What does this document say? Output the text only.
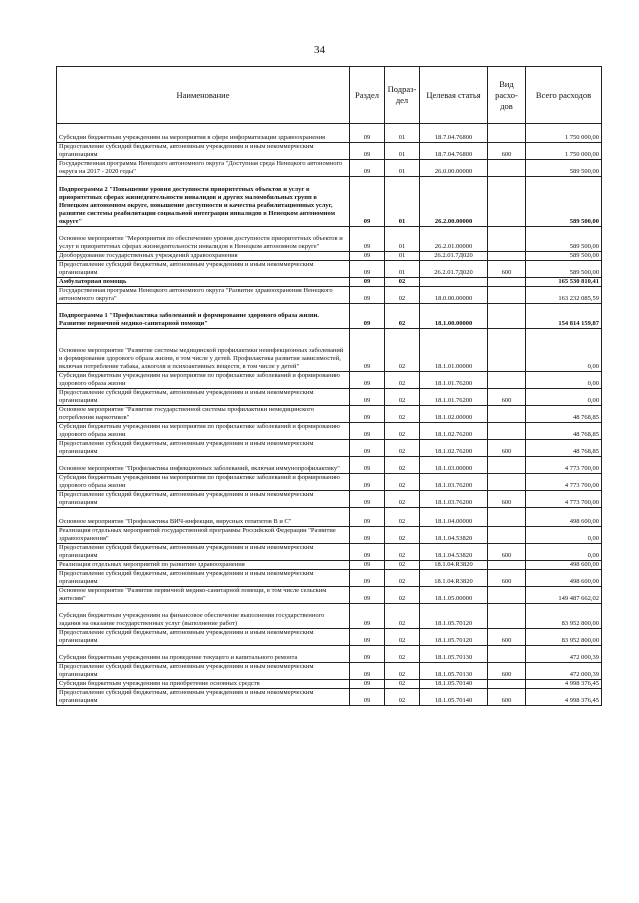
34
Наименование	Раздел	Подраз-дел	Целевая статья	Вид расхо-дов	Всего расходов
Субсидии бюджетным учреждениям на мероприятия в сфере информатизации здравоохранения	09	01	18.7.04.76800		1 750 000,00
Предоставление субсидий бюджетным, автономным учреждениям и иным некоммерческим организациям	09	01	18.7.04.76800	600	1 750 000,00
Государственная программа Ненецкого автономного округа "Доступная среда Ненецкого автономного округа на 2017 - 2020 годы"	09	01	26.0.00.00000		589 500,00
Подпрограмма 2 "Повышение уровня доступности приоритетных объектов и услуг в приоритетных сферах жизнедеятельности инвалидов и других маломобильных групп в Ненецком автономном округе, повышение доступности и качества реабилитационных услуг, развитие системы реабилитации социальной интеграции инвалидов в Ненецком автономном округе"	09	01	26.2.00.00000		589 500,00
Основное мероприятие "Мероприятия по обеспечению уровня доступности приоритетных объектов и услуг в приоритетных сферах жизнедеятельности инвалидов в Ненецком автономном округе"	09	01	26.2.01.00000		589 500,00
Дооборудование государственных учреждений здравоохранения	09	01	26.2.01.7Д020		589 500,00
Предоставление субсидий бюджетным, автономным учреждениям и иным некоммерческим организациям	09	01	26.2.01.7Д020	600	589 500,00
Амбулаторная помощь	09	02			165 530 810,41
Государственная программа Ненецкого автономного округа "Развитие здравоохранения Ненецкого автономного округа"	09	02	18.0.00.00000		163 232 085,59
Подпрограмма 1 "Профилактика заболеваний и формирование здорового образа жизни. Развитие первичной медико-санитарной помощи"	09	02	18.1.00.00000		154 814 159,87
Основное мероприятие "Развитие системы медицинской профилактики неинфекционных заболеваний и формирования здорового образа жизни, в том числе у детей. Профилактика развития зависимостей, включая потребление табака, алкоголя и психоактивных веществ, в том числе у детей"	09	02	18.1.01.00000		0,00
Субсидии бюджетным учреждениям на мероприятия по профилактике заболеваний и формированию здорового образа жизни	09	02	18.1.01.76200		0,00
Предоставление субсидий бюджетным, автономным учреждениям и иным некоммерческим организациям	09	02	18.1.01.76200	600	0,00
Основное мероприятие "Развитие государственной системы профилактики немедицинского потребления наркотиков"	09	02	18.1.02.00000		48 768,85
Субсидии бюджетным учреждениям на мероприятия по профилактике заболеваний и формированию здорового образа жизни	09	02	18.1.02.76200		48 768,85
Предоставление субсидий бюджетным, автономным учреждениям и иным некоммерческим организациям	09	02	18.1.02.76200	600	48 768,85
Основное мероприятие "Профилактика инфекционных заболеваний, включая иммунопрофилактику"	09	02	18.1.03.00000		4 773 700,00
Субсидии бюджетным учреждениям на мероприятия по профилактике заболеваний и формированию здорового образа жизни	09	02	18.1.03.76200		4 773 700,00
Предоставление субсидий бюджетным, автономным учреждениям и иным некоммерческим организациям	09	02	18.1.03.76200	600	4 773 700,00
Основное мероприятие "Профилактика ВИЧ-инфекции, вирусных гепатитов B и C"	09	02	18.1.04.00000		498 600,00
Реализация отдельных мероприятий государственной программы Российской Федерации "Развитие здравоохранения"	09	02	18.1.04.53820		0,00
Предоставление субсидий бюджетным, автономным учреждениям и иным некоммерческим организациям	09	02	18.1.04.53820	600	0,00
Реализация отдельных мероприятий по развитию здравоохранения	09	02	18.1.04.R3820		498 600,00
Предоставление субсидий бюджетным, автономным учреждениям и иным некоммерческим организациям	09	02	18.1.04.R3820	600	498 600,00
Основное мероприятие "Развитие первичной медико-санитарной помощи, в том числе сельским жителям"	09	02	18.1.05.00000		149 487 662,02
Субсидии бюджетным учреждениям на финансовое обеспечение выполнения государственного задания на оказание государственных услуг (выполнение работ)	09	02	18.1.05.70120		83 952 800,00
Предоставление субсидий бюджетным, автономным учреждениям и иным некоммерческим организациям	09	02	18.1.05.70120	600	83 952 800,00
Субсидии бюджетным учреждениям на проведение текущего и капитального ремонта	09	02	18.1.05.70130		472 000,39
Предоставление субсидий бюджетным, автономным учреждениям и иным некоммерческим организациям	09	02	18.1.05.70130	600	472 000,39
Субсидии бюджетным учреждениям на приобретение основных средств	09	02	18.1.05.70140		4 998 376,45
Предоставление субсидий бюджетным, автономным учреждениям и иным некоммерческим организациям	09	02	18.1.05.70140	600	4 998 376,45
